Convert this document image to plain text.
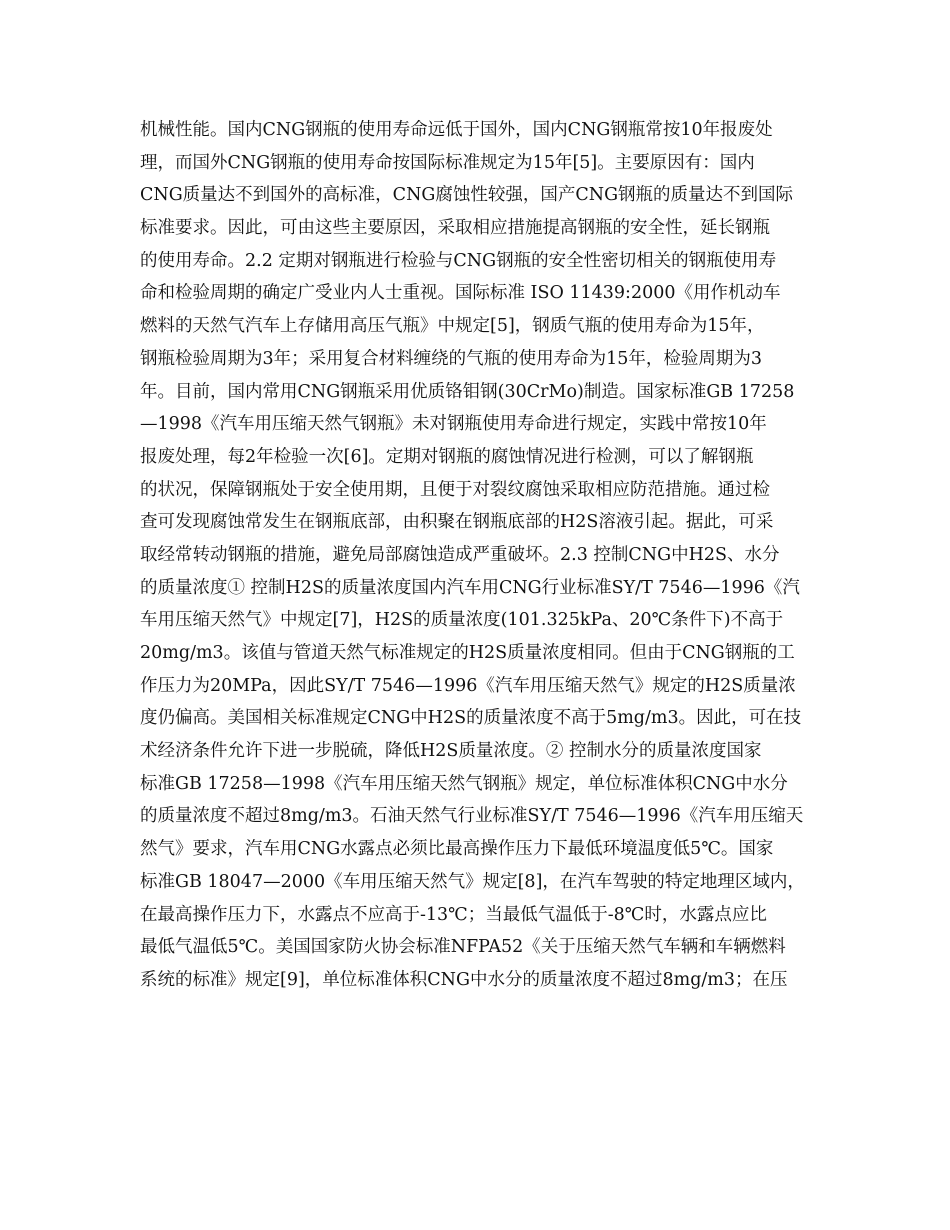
机械性能。国内CNG钢瓶的使用寿命远低于国外，国内CNG钢瓶常按10年报废处
理，而国外CNG钢瓶的使用寿命按国际标准规定为15年[5]。主要原因有：国内
CNG质量达不到国外的高标准，CNG腐蚀性较强，国产CNG钢瓶的质量达不到国际
标准要求。因此，可由这些主要原因，采取相应措施提高钢瓶的安全性，延长钢瓶
的使用寿命。2.2 定期对钢瓶进行检验与CNG钢瓶的安全性密切相关的钢瓶使用寿
命和检验周期的确定广受业内人士重视。国际标准 ISO 11439:2000《用作机动车
燃料的天然气汽车上存储用高压气瓶》中规定[5]，钢质气瓶的使用寿命为15年，
钢瓶检验周期为3年；采用复合材料缠绕的气瓶的使用寿命为15年，检验周期为3
年。目前，国内常用CNG钢瓶采用优质铬钼钢(30CrMo)制造。国家标准GB 17258
—1998《汽车用压缩天然气钢瓶》未对钢瓶使用寿命进行规定，实践中常按10年
报废处理，每2年检验一次[6]。定期对钢瓶的腐蚀情况进行检测，可以了解钢瓶
的状况，保障钢瓶处于安全使用期，且便于对裂纹腐蚀采取相应防范措施。通过检
查可发现腐蚀常发生在钢瓶底部，由积聚在钢瓶底部的H2S溶液引起。据此，可采
取经常转动钢瓶的措施，避免局部腐蚀造成严重破坏。2.3 控制CNG中H2S、水分
的质量浓度① 控制H2S的质量浓度国内汽车用CNG行业标准SY/T 7546—1996《汽
车用压缩天然气》中规定[7]，H2S的质量浓度(101.325kPa、20℃条件下)不高于
20mg/m3。该值与管道天然气标准规定的H2S质量浓度相同。但由于CNG钢瓶的工
作压力为20MPa，因此SY/T 7546—1996《汽车用压缩天然气》规定的H2S质量浓
度仍偏高。美国相关标准规定CNG中H2S的质量浓度不高于5mg/m3。因此，可在技
术经济条件允许下进一步脱硫，降低H2S质量浓度。② 控制水分的质量浓度国家
标准GB 17258—1998《汽车用压缩天然气钢瓶》规定，单位标准体积CNG中水分
的质量浓度不超过8mg/m3。石油天然气行业标准SY/T 7546—1996《汽车用压缩天
然气》要求，汽车用CNG水露点必须比最高操作压力下最低环境温度低5℃。国家
标准GB 18047—2000《车用压缩天然气》规定[8]，在汽车驾驶的特定地理区域内，
在最高操作压力下，水露点不应高于-13℃；当最低气温低于-8℃时，水露点应比
最低气温低5℃。美国国家防火协会标准NFPA52《关于压缩天然气车辆和车辆燃料
系统的标准》规定[9]，单位标准体积CNG中水分的质量浓度不超过8mg/m3；在压
